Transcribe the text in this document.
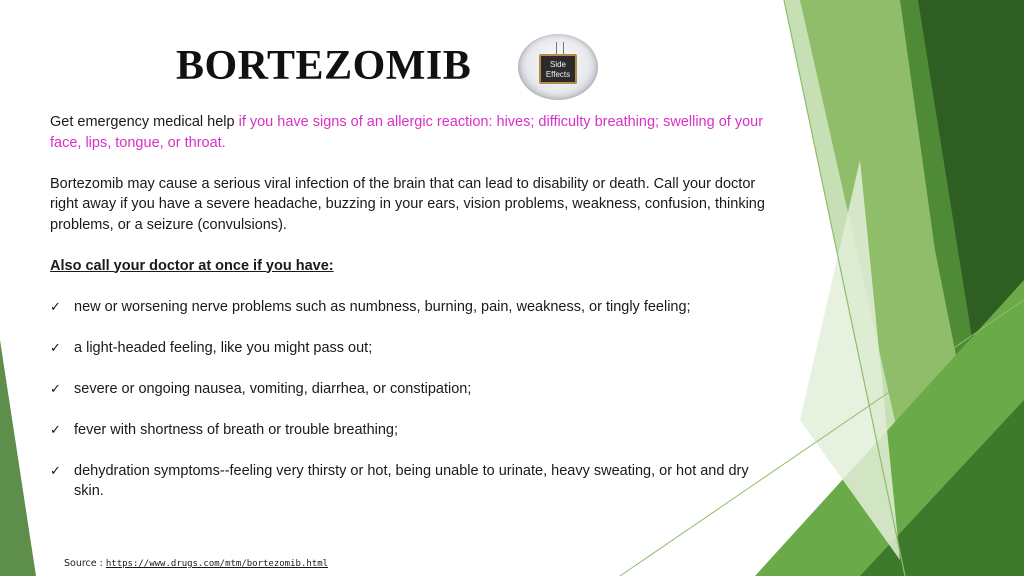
BORTEZOMIB	Side Effects

Get emergency medical help if you have signs of an allergic reaction: hives; difficulty breathing; swelling of your face, lips, tongue, or throat.

Bortezomib may cause a serious viral infection of the brain that can lead to disability or death. Call your doctor right away if you have a severe headache, buzzing in your ears, vision problems, weakness, confusion, thinking problems, or a seizure (convulsions).

Also call your doctor at once if you have:

✓ new or worsening nerve problems such as numbness, burning, pain, weakness, or tingly feeling;
✓ a light-headed feeling, like you might pass out;
✓ severe or ongoing nausea, vomiting, diarrhea, or constipation;
✓ fever with shortness of breath or trouble breathing;
✓ dehydration symptoms--feeling very thirsty or hot, being unable to urinate, heavy sweating, or hot and dry skin.
Source : https://www.drugs.com/mtm/bortezomib.html
